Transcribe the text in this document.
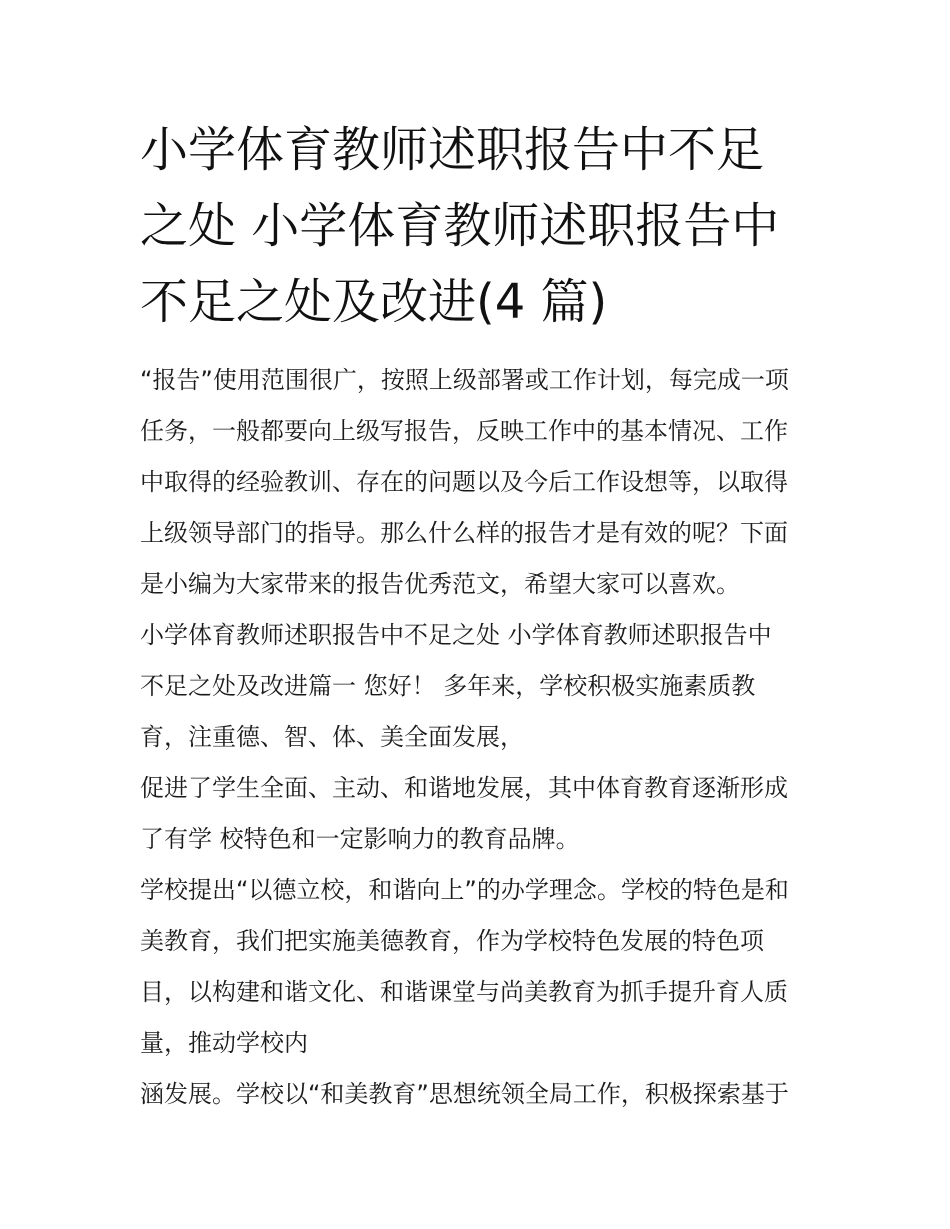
小学体育教师述职报告中不足
之处 小学体育教师述职报告中
不足之处及改进(4 篇)
“报告”使用范围很广，按照上级部署或工作计划，每完成一项
任务，一般都要向上级写报告，反映工作中的基本情况、工作
中取得的经验教训、存在的问题以及今后工作设想等，以取得
上级领导部门的指导。那么什么样的报告才是有效的呢？下面
是小编为大家带来的报告优秀范文，希望大家可以喜欢。
小学体育教师述职报告中不足之处 小学体育教师述职报告中
不足之处及改进篇一 您好！ 多年来，学校积极实施素质教
育，注重德、智、体、美全面发展，
促进了学生全面、主动、和谐地发展，其中体育教育逐渐形成
了有学 校特色和一定影响力的教育品牌。
学校提出“以德立校，和谐向上”的办学理念。学校的特色是和
美教育，我们把实施美德教育，作为学校特色发展的特色项
目，以构建和谐文化、和谐课堂与尚美教育为抓手提升育人质
量，推动学校内
涵发展。学校以“和美教育”思想统领全局工作，积极探索基于
